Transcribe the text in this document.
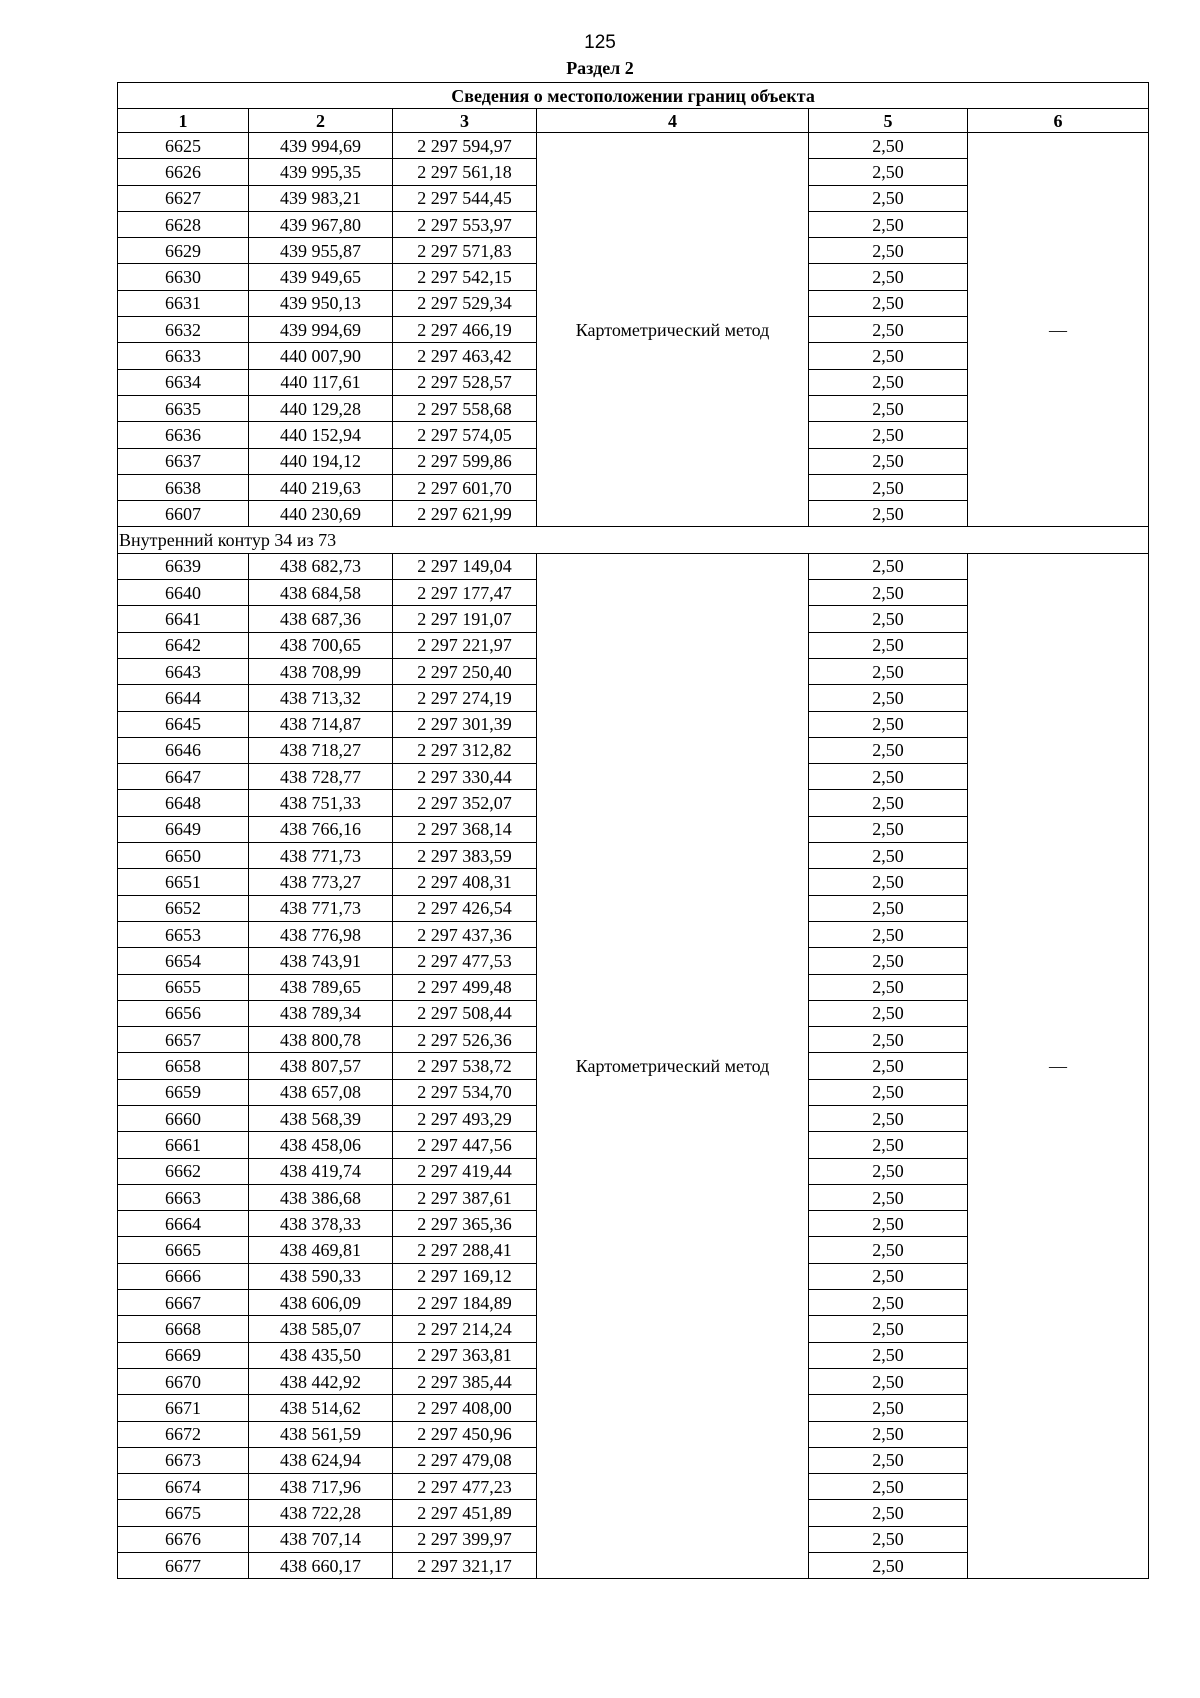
125
Раздел 2
Сведения о местоположении границ объекта					
1	2	3	4	5	6
6625	439 994,69	2 297 594,97	Картометрический метод	2,50	—
6626	439 995,35	2 297 561,18		2,50	
6627	439 983,21	2 297 544,45		2,50	
6628	439 967,80	2 297 553,97		2,50	
6629	439 955,87	2 297 571,83		2,50	
6630	439 949,65	2 297 542,15		2,50	
6631	439 950,13	2 297 529,34		2,50	
6632	439 994,69	2 297 466,19		2,50	
6633	440 007,90	2 297 463,42		2,50	
6634	440 117,61	2 297 528,57		2,50	
6635	440 129,28	2 297 558,68		2,50	
6636	440 152,94	2 297 574,05		2,50	
6637	440 194,12	2 297 599,86		2,50	
6638	440 219,63	2 297 601,70		2,50	
6607	440 230,69	2 297 621,99		2,50	
Внутренний контур 34 из 73					
6639	438 682,73	2 297 149,04	Картометрический метод	2,50	—
6640	438 684,58	2 297 177,47		2,50	
6641	438 687,36	2 297 191,07		2,50	
6642	438 700,65	2 297 221,97		2,50	
6643	438 708,99	2 297 250,40		2,50	
6644	438 713,32	2 297 274,19		2,50	
6645	438 714,87	2 297 301,39		2,50	
6646	438 718,27	2 297 312,82		2,50	
6647	438 728,77	2 297 330,44		2,50	
6648	438 751,33	2 297 352,07		2,50	
6649	438 766,16	2 297 368,14		2,50	
6650	438 771,73	2 297 383,59		2,50	
6651	438 773,27	2 297 408,31		2,50	
6652	438 771,73	2 297 426,54		2,50	
6653	438 776,98	2 297 437,36		2,50	
6654	438 743,91	2 297 477,53		2,50	
6655	438 789,65	2 297 499,48		2,50	
6656	438 789,34	2 297 508,44		2,50	
6657	438 800,78	2 297 526,36		2,50	
6658	438 807,57	2 297 538,72		2,50	
6659	438 657,08	2 297 534,70		2,50	
6660	438 568,39	2 297 493,29		2,50	
6661	438 458,06	2 297 447,56		2,50	
6662	438 419,74	2 297 419,44		2,50	
6663	438 386,68	2 297 387,61		2,50	
6664	438 378,33	2 297 365,36		2,50	
6665	438 469,81	2 297 288,41		2,50	
6666	438 590,33	2 297 169,12		2,50	
6667	438 606,09	2 297 184,89		2,50	
6668	438 585,07	2 297 214,24		2,50	
6669	438 435,50	2 297 363,81		2,50	
6670	438 442,92	2 297 385,44		2,50	
6671	438 514,62	2 297 408,00		2,50	
6672	438 561,59	2 297 450,96		2,50	
6673	438 624,94	2 297 479,08		2,50	
6674	438 717,96	2 297 477,23		2,50	
6675	438 722,28	2 297 451,89		2,50	
6676	438 707,14	2 297 399,97		2,50	
6677	438 660,17	2 297 321,17		2,50	
